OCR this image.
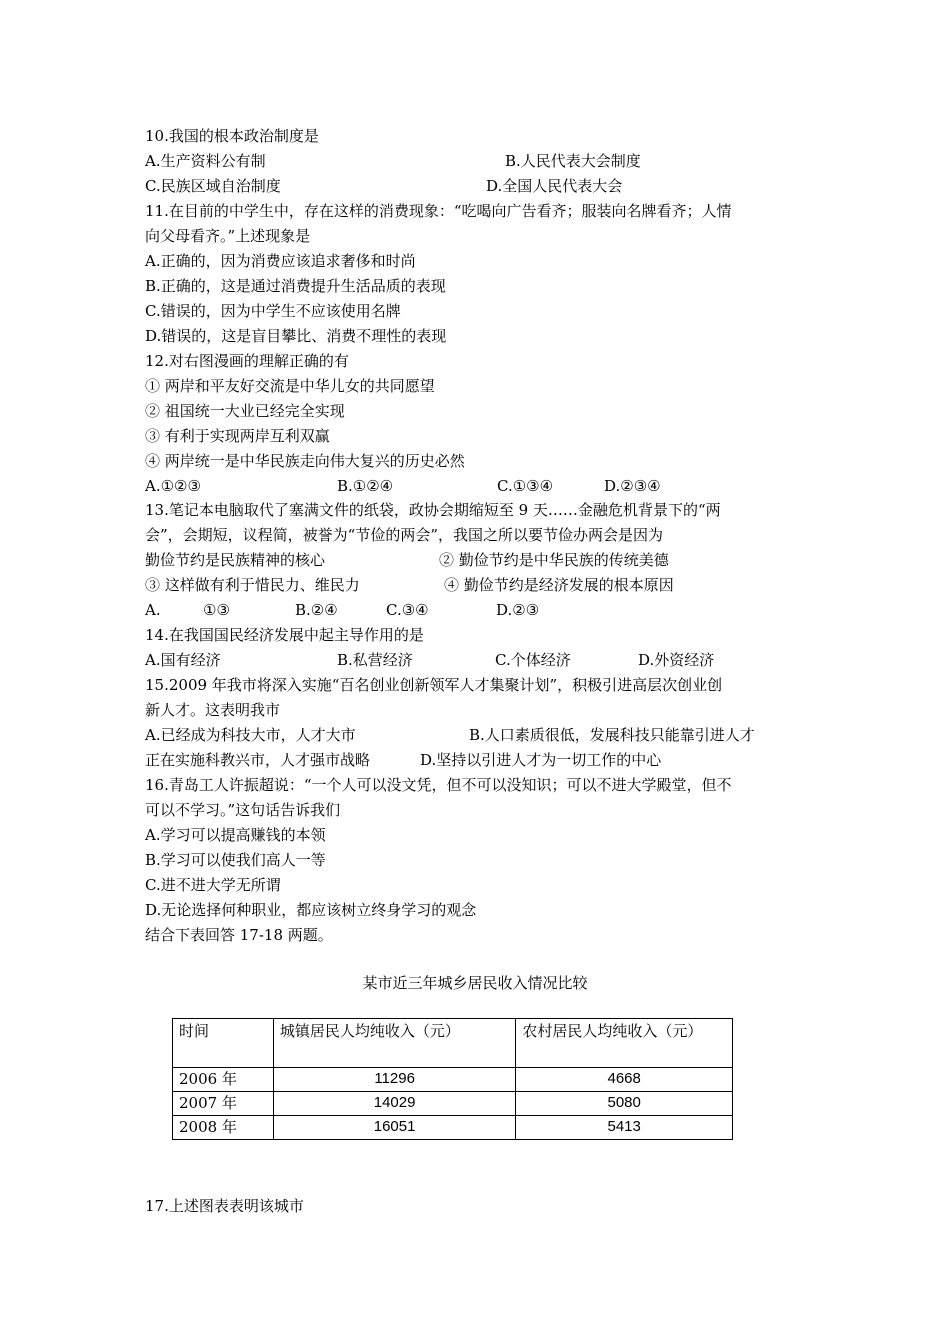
10.我国的根本政治制度是
A.生产资料公有制	B.人民代表大会制度
C.民族区域自治制度	D.全国人民代表大会
11.在目前的中学生中，存在这样的消费现象：“吃喝向广告看齐；服装向名牌看齐；人情
向父母看齐。”上述现象是
A.正确的，因为消费应该追求奢侈和时尚
B.正确的，这是通过消费提升生活品质的表现
C.错误的，因为中学生不应该使用名牌
D.错误的，这是盲目攀比、消费不理性的表现
12.对右图漫画的理解正确的有
① 两岸和平友好交流是中华儿女的共同愿望
② 祖国统一大业已经完全实现
③ 有利于实现两岸互利双赢
④ 两岸统一是中华民族走向伟大复兴的历史必然
A.①②③	B.①②④	C.①③④	D.②③④
13.笔记本电脑取代了塞满文件的纸袋，政协会期缩短至 9 天……金融危机背景下的“两
会”，会期短，议程简，被誉为“节俭的两会”，我国之所以要节俭办两会是因为
勤俭节约是民族精神的核心	② 勤俭节约是中华民族的传统美德
③ 这样做有利于惜民力、维民力	④ 勤俭节约是经济发展的根本原因
A.	①③	B.②④	C.③④	D.②③
14.在我国国民经济发展中起主导作用的是
A.国有经济	B.私营经济	C.个体经济	D.外资经济
15.2009 年我市将深入实施“百名创业创新领军人才集聚计划”，积极引进高层次创业创
新人才。这表明我市
A.已经成为科技大市，人才大市	B.人口素质很低，发展科技只能靠引进人才
正在实施科教兴市，人才强市战略	D.坚持以引进人才为一切工作的中心
16.青岛工人许振超说：“一个人可以没文凭，但不可以没知识；可以不进大学殿堂，但不
可以不学习。”这句话告诉我们
A.学习可以提高赚钱的本领
B.学习可以使我们高人一等
C.进不进大学无所谓
D.无论选择何种职业，都应该树立终身学习的观念
结合下表回答 17-18 两题。
某市近三年城乡居民收入情况比较
时间	城镇居民人均纯收入（元）	农村居民人均纯收入（元）
2006 年	11296	4668
2007 年	14029	5080
2008 年	16051	5413
17.上述图表表明该城市
